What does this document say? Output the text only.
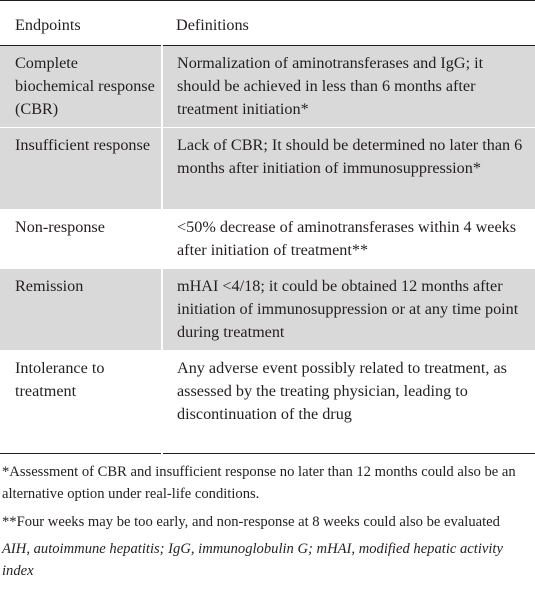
Endpoints	Definitions
Complete biochemical response (CBR)	Normalization of aminotransferases and IgG; it should be achieved in less than 6 months after treatment initiation*
Insufficient response	Lack of CBR; It should be determined no later than 6 months after initiation of immunosuppression*
Non-response	<50% decrease of aminotransferases within 4 weeks after initiation of treatment**
Remission	mHAI <4/18; it could be obtained 12 months after initiation of immunosuppression or at any time point during treatment
Intolerance to treatment	Any adverse event possibly related to treatment, as assessed by the treating physician, leading to discontinuation of the drug

*Assessment of CBR and insufficient response no later than 12 months could also be an alternative option under real-life conditions.

**Four weeks may be too early, and non-response at 8 weeks could also be evaluated

AIH, autoimmune hepatitis; IgG, immunoglobulin G; mHAI, modified hepatic activity index
